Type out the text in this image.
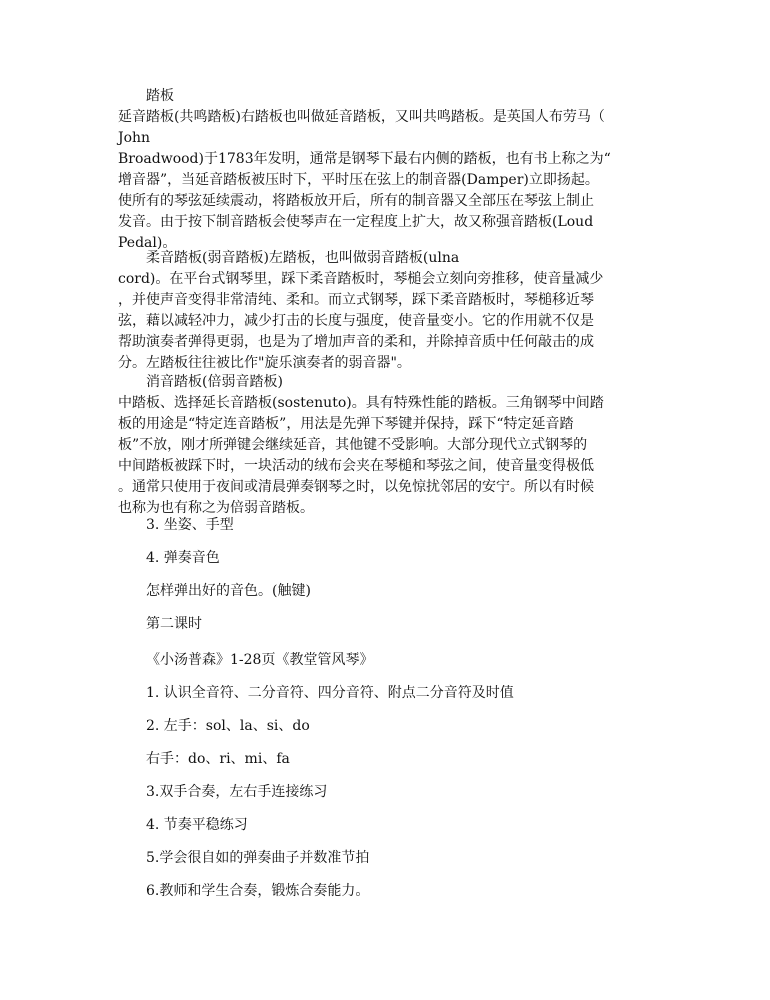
踏板

延音踏板(共鸣踏板)右踏板也叫做延音踏板，又叫共鸣踏板。是英国人布劳马（

John

Broadwood)于1783年发明，通常是钢琴下最右内侧的踏板，也有书上称之为“

增音器”，当延音踏板被压时下，平时压在弦上的制音器(Damper)立即扬起。

使所有的琴弦延续震动，将踏板放开后，所有的制音器又全部压在琴弦上制止

发音。由于按下制音踏板会使琴声在一定程度上扩大，故又称强音踏板(Loud

Pedal)。

柔音踏板(弱音踏板)左踏板，也叫做弱音踏板(ulna

cord)。在平台式钢琴里，踩下柔音踏板时，琴槌会立刻向旁推移，使音量减少

，并使声音变得非常清纯、柔和。而立式钢琴，踩下柔音踏板时，琴槌移近琴

弦，藉以减轻冲力，减少打击的长度与强度，使音量变小。它的作用就不仅是

帮助演奏者弹得更弱，也是为了增加声音的柔和，并除掉音质中任何敲击的成

分。左踏板往往被比作"旋乐演奏者的弱音器"。

消音踏板(倍弱音踏板)

中踏板、选择延长音踏板(sostenuto)。具有特殊性能的踏板。三角钢琴中间踏

板的用途是“特定连音踏板”，用法是先弹下琴键并保持，踩下“特定延音踏

板”不放，刚才所弹键会继续延音，其他键不受影响。大部分现代立式钢琴的

中间踏板被踩下时，一块活动的绒布会夹在琴槌和琴弦之间，使音量变得极低

。通常只使用于夜间或清晨弹奏钢琴之时，以免惊扰邻居的安宁。所以有时候

也称为也有称之为倍弱音踏板。

3. 坐姿、手型

4. 弹奏音色

怎样弹出好的音色。(触键)

第二课时

《小汤普森》1-28页《教堂管风琴》

1. 认识全音符、二分音符、四分音符、附点二分音符及时值

2. 左手：sol、la、si、do

右手：do、ri、mi、fa

3.双手合奏，左右手连接练习

4. 节奏平稳练习

5.学会很自如的弹奏曲子并数准节拍

6.教师和学生合奏，锻炼合奏能力。
